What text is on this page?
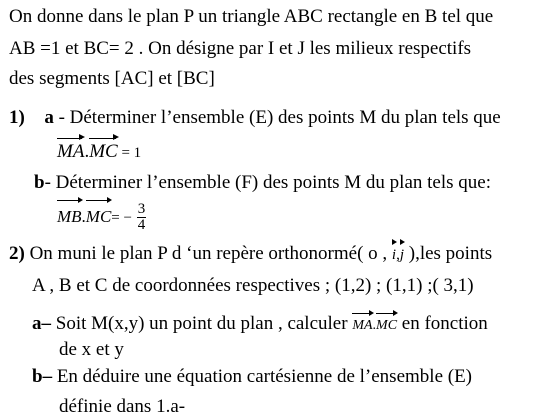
On donne dans le plan P un triangle ABC rectangle en B tel que
AB =1 et BC= 2 . On désigne par I et J les milieux respectifs
des segments [AC] et [BC]
1) a - Déterminer l’ensemble (E) des points M du plan tels que
MA.MC = 1
b- Déterminer l’ensemble (F) des points M du plan tels que:
$MB.MC= - \frac{3}{4}$
2) On muni le plan P d ‘un repère orthonormé( o , i,j ),les points
A , B et C de coordonnées respectives ; (1,2) ; (1,1) ;( 3,1)
a– Soit M(x,y) un point du plan , calculer MA.MC en fonction
de x et y
b– En déduire une équation cartésienne de l’ensemble (E)
définie dans 1.a-
